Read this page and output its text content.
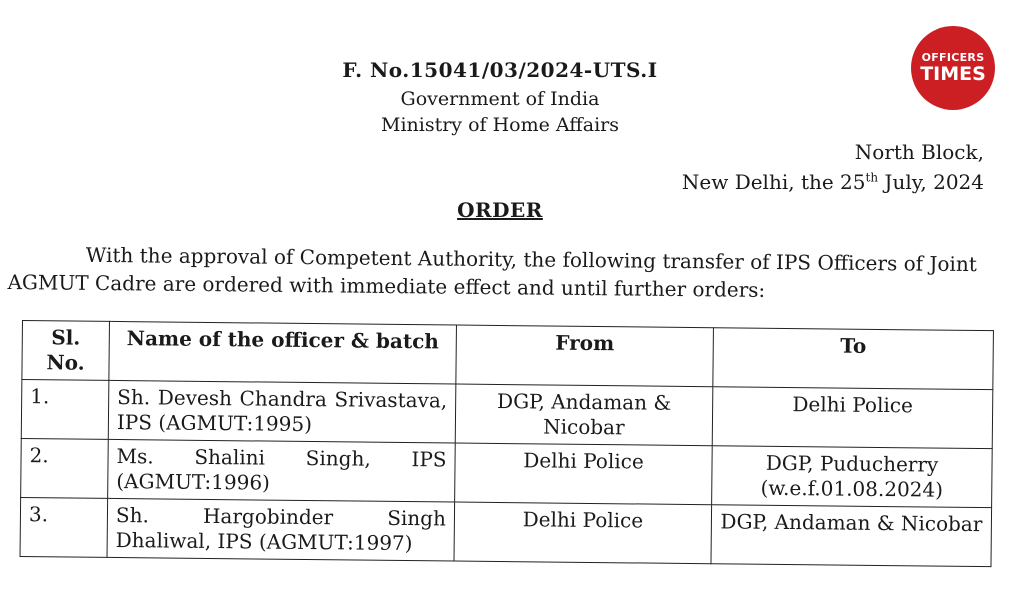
F. No.15041/03/2024-UTS.I
Government of India
Ministry of Home Affairs
North Block,
New Delhi, the 25th July, 2024
ORDER
With the approval of Competent Authority, the following transfer of IPS Officers of Joint AGMUT Cadre are ordered with immediate effect and until further orders:
Sl. No.	Name of the officer & batch	From	To
1.	Sh. Devesh Chandra Srivastava, IPS (AGMUT:1995)	DGP, Andaman & Nicobar	Delhi Police
2.	Ms. Shalini Singh, IPS (AGMUT:1996)	Delhi Police	DGP, Puducherry (w.e.f.01.08.2024)
3.	Sh. Hargobinder Singh Dhaliwal, IPS (AGMUT:1997)	Delhi Police	DGP, Andaman & Nicobar
OFFICERS
TIMES
